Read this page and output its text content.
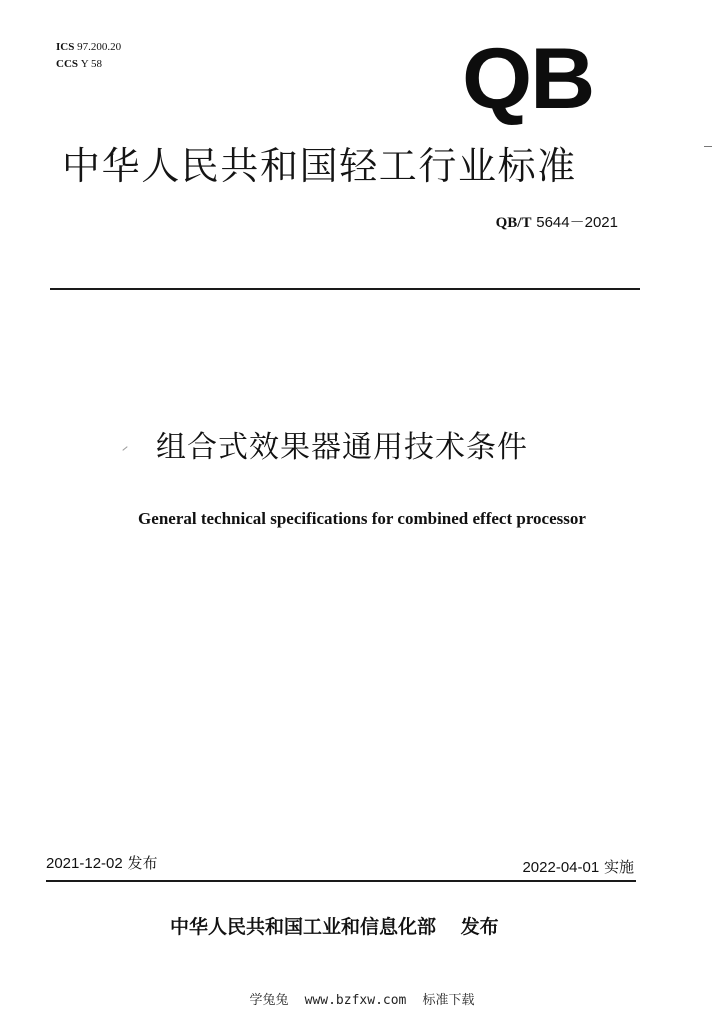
ICS 97.200.20
CCS Y 58	QB
中华人民共和国轻工行业标准
QB/T 5644－2021
组合式效果器通用技术条件
General technical specifications for combined effect processor
2021-12-02 发布	2022-04-01 实施
中华人民共和国工业和信息化部 发布
学兔兔 www.bzfxw.com 标准下载
